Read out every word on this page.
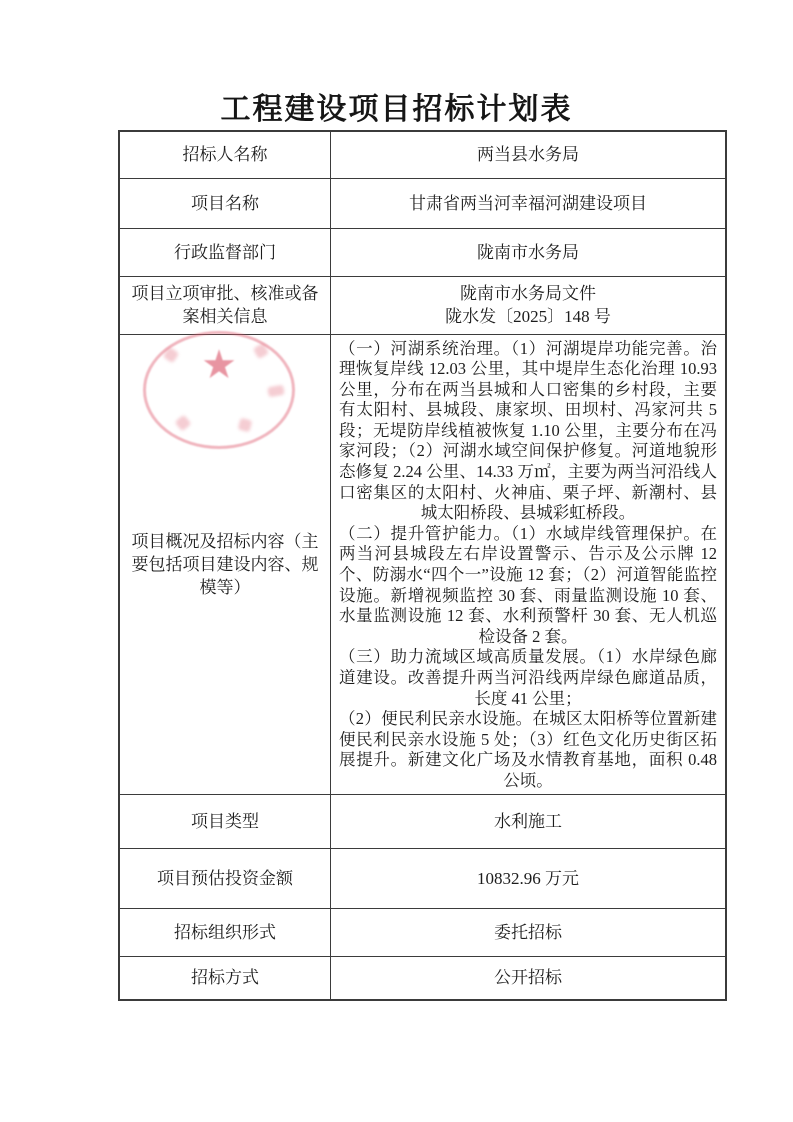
工程建设项目招标计划表
招标人名称	两当县水务局
项目名称	甘肃省两当河幸福河湖建设项目
行政监督部门	陇南市水务局
项目立项审批、核准或备案相关信息	陇南市水务局文件
陇水发〔2025〕148 号

项目概况及招标内容（主要包括项目建设内容、规模等）	（一）河湖系统治理。（1）河湖堤岸功能完善。治理恢复岸线 12.03 公里，其中堤岸生态化治理 10.93 公里，分布在两当县城和人口密集的乡村段，主要有太阳村、县城段、康家坝、田坝村、冯家河共 5 段；无堤防岸线植被恢复 1.10 公里，主要分布在冯家河段；（2）河湖水域空间保护修复。河道地貌形态修复 2.24 公里、14.33 万㎡，主要为两当河沿线人口密集区的太阳村、火神庙、栗子坪、新潮村、县城太阳桥段、县城彩虹桥段。

（二）提升管护能力。（1）水域岸线管理保护。在两当河县城段左右岸设置警示、告示及公示牌 12 个、防溺水“四个一”设施 12 套；（2）河道智能监控设施。新增视频监控 30 套、雨量监测设施 10 套、水量监测设施 12 套、水利预警杆 30 套、无人机巡检设备 2 套。

（三）助力流域区域高质量发展。（1）水岸绿色廊道建设。改善提升两当河沿线两岸绿色廊道品质，长度 41 公里；

（2）便民利民亲水设施。在城区太阳桥等位置新建便民利民亲水设施 5 处；（3）红色文化历史街区拓展提升。新建文化广场及水情教育基地，面积 0.48 公顷。

项目类型	水利施工
项目预估投资金额	10832.96 万元
招标组织形式	委托招标
招标方式	公开招标
★
